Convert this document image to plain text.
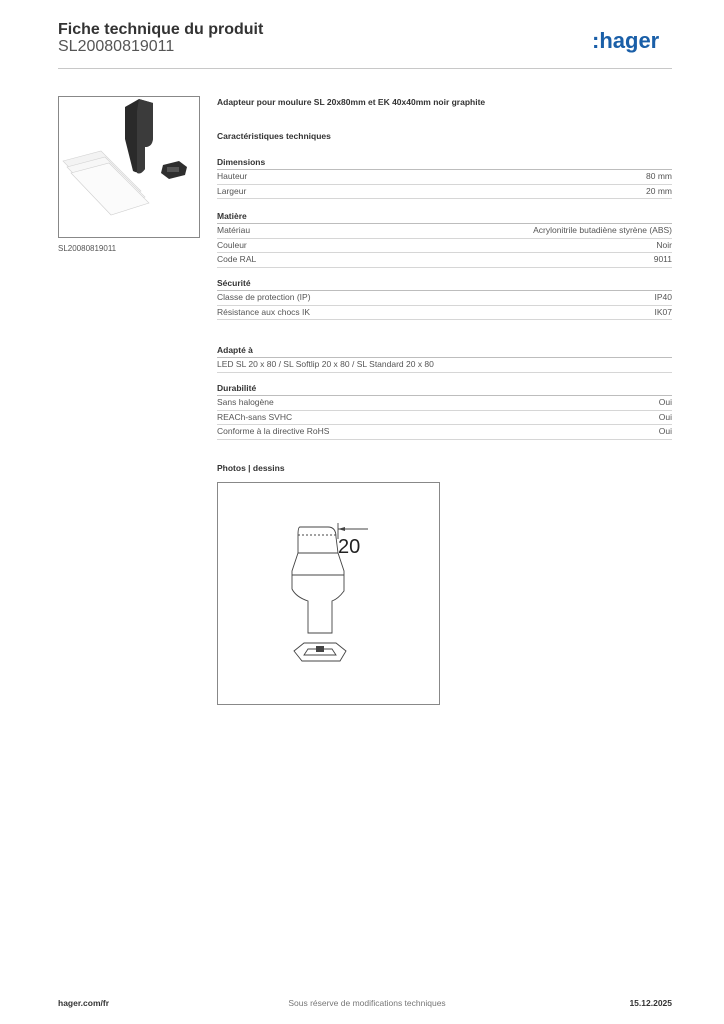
Fiche technique du produit
SL20080819011	:hager
SL20080819011
Adapteur pour moulure SL 20x80mm et EK 40x40mm noir graphite
Caractéristiques techniques
Dimensions
Hauteur	80 mm
Largeur	20 mm
Matière
Matériau	Acrylonitrile butadiène styrène (ABS)
Couleur	Noir
Code RAL	9011
Sécurité
Classe de protection (IP)	IP40
Résistance aux chocs IK	IK07
Adapté à
LED SL 20 x 80 / SL Softlip 20 x 80 / SL Standard 20 x 80
Durabilité
Sans halogène	Oui
REACh-sans SVHC	Oui
Conforme à la directive RoHS	Oui
Photos | dessins
20
hager.com/fr	Sous réserve de modifications techniques	15.12.2025
